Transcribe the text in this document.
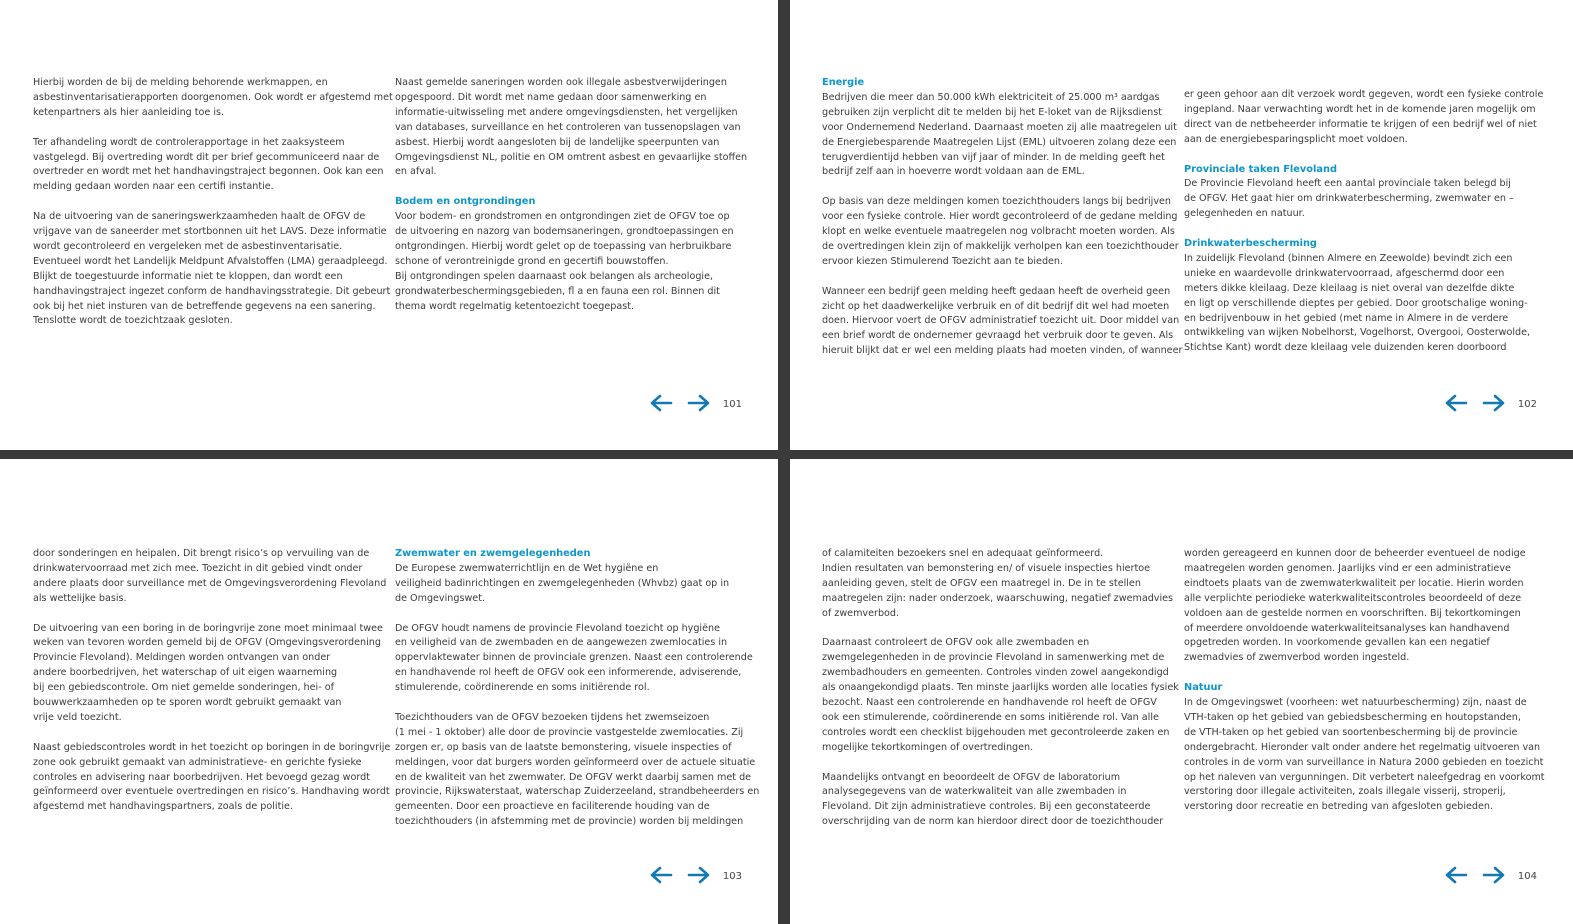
Hierbij worden de bij de melding behorende werkmappen, en
asbestinventarisatierapporten doorgenomen. Ook wordt er afgestemd met
ketenpartners als hier aanleiding toe is.

Ter afhandeling wordt de controlerapportage in het zaaksysteem
vastgelegd. Bij overtreding wordt dit per brief gecommuniceerd naar de
overtreder en wordt met het handhavingstraject begonnen. Ook kan een
melding gedaan worden naar een certifi instantie.

Na de uitvoering van de saneringswerkzaamheden haalt de OFGV de
vrijgave van de saneerder met stortbonnen uit het LAVS. Deze informatie
wordt gecontroleerd en vergeleken met de asbestinventarisatie.
Eventueel wordt het Landelijk Meldpunt Afvalstoffen (LMA) geraadpleegd.
Blijkt de toegestuurde informatie niet te kloppen, dan wordt een
handhavingstraject ingezet conform de handhavingsstrategie. Dit gebeurt
ook bij het niet insturen van de betreffende gegevens na een sanering.
Tenslotte wordt de toezichtzaak gesloten.

Naast gemelde saneringen worden ook illegale asbestverwijderingen
opgespoord. Dit wordt met name gedaan door samenwerking en
informatie-uitwisseling met andere omgevingsdiensten, het vergelijken
van databases, surveillance en het controleren van tussenopslagen van
asbest. Hierbij wordt aangesloten bij de landelijke speerpunten van
Omgevingsdienst NL, politie en OM omtrent asbest en gevaarlijke stoffen
en afval.

Bodem en ontgrondingen
Voor bodem- en grondstromen en ontgrondingen ziet de OFGV toe op
de uitvoering en nazorg van bodemsaneringen, grondtoepassingen en
ontgrondingen. Hierbij wordt gelet op de toepassing van herbruikbare
schone of verontreinigde grond en gecertifi bouwstoffen.
Bij ontgrondingen spelen daarnaast ook belangen als archeologie,
grondwaterbeschermingsgebieden, fl a en fauna een rol. Binnen dit
thema wordt regelmatig ketentoezicht toegepast.

101

Energie
Bedrijven die meer dan 50.000 kWh elektriciteit of 25.000 m³ aardgas
gebruiken zijn verplicht dit te melden bij het E-loket van de Rijksdienst
voor Ondernemend Nederland. Daarnaast moeten zij alle maatregelen uit
de Energiebesparende Maatregelen Lijst (EML) uitvoeren zolang deze een
terugverdientijd hebben van vijf jaar of minder. In de melding geeft het
bedrijf zelf aan in hoeverre wordt voldaan aan de EML.

Op basis van deze meldingen komen toezichthouders langs bij bedrijven
voor een fysieke controle. Hier wordt gecontroleerd of de gedane melding
klopt en welke eventuele maatregelen nog volbracht moeten worden. Als
de overtredingen klein zijn of makkelijk verholpen kan een toezichthouder
ervoor kiezen Stimulerend Toezicht aan te bieden.

Wanneer een bedrijf geen melding heeft gedaan heeft de overheid geen
zicht op het daadwerkelijke verbruik en of dit bedrijf dit wel had moeten
doen. Hiervoor voert de OFGV administratief toezicht uit. Door middel van
een brief wordt de ondernemer gevraagd het verbruik door te geven. Als
hieruit blijkt dat er wel een melding plaats had moeten vinden, of wanneer

er geen gehoor aan dit verzoek wordt gegeven, wordt een fysieke controle
ingepland. Naar verwachting wordt het in de komende jaren mogelijk om
direct van de netbeheerder informatie te krijgen of een bedrijf wel of niet
aan de energiebesparingsplicht moet voldoen.

Provinciale taken Flevoland
De Provincie Flevoland heeft een aantal provinciale taken belegd bij
de OFGV. Het gaat hier om drinkwaterbescherming, zwemwater en –
gelegenheden en natuur.

Drinkwaterbescherming
In zuidelijk Flevoland (binnen Almere en Zeewolde) bevindt zich een
unieke en waardevolle drinkwatervoorraad, afgeschermd door een
meters dikke kleilaag. Deze kleilaag is niet overal van dezelfde dikte
en ligt op verschillende dieptes per gebied. Door grootschalige woning-
en bedrijvenbouw in het gebied (met name in Almere in de verdere
ontwikkeling van wijken Nobelhorst, Vogelhorst, Overgooi, Oosterwolde,
Stichtse Kant) wordt deze kleilaag vele duizenden keren doorboord

102

door sonderingen en heipalen. Dit brengt risico’s op vervuiling van de
drinkwatervoorraad met zich mee. Toezicht in dit gebied vindt onder
andere plaats door surveillance met de Omgevingsverordening Flevoland
als wettelijke basis.

De uitvoering van een boring in de boringvrije zone moet minimaal twee
weken van tevoren worden gemeld bij de OFGV (Omgevingsverordening
Provincie Flevoland). Meldingen worden ontvangen van onder
andere boorbedrijven, het waterschap of uit eigen waarneming
bij een gebiedscontrole. Om niet gemelde sonderingen, hei- of
bouwwerkzaamheden op te sporen wordt gebruikt gemaakt van
vrije veld toezicht.

Naast gebiedscontroles wordt in het toezicht op boringen in de boringvrije
zone ook gebruikt gemaakt van administratieve- en gerichte fysieke
controles en advisering naar boorbedrijven. Het bevoegd gezag wordt
geïnformeerd over eventuele overtredingen en risico’s. Handhaving wordt
afgestemd met handhavingspartners, zoals de politie.

Zwemwater en zwemgelegenheden
De Europese zwemwaterrichtlijn en de Wet hygiëne en
veiligheid badinrichtingen en zwemgelegenheden (Whvbz) gaat op in
de Omgevingswet.

De OFGV houdt namens de provincie Flevoland toezicht op hygiëne
en veiligheid van de zwembaden en de aangewezen zwemlocaties in
oppervlaktewater binnen de provinciale grenzen. Naast een controlerende
en handhavende rol heeft de OFGV ook een informerende, adviserende,
stimulerende, coördinerende en soms initiërende rol.

Toezichthouders van de OFGV bezoeken tijdens het zwemseizoen
(1 mei - 1 oktober) alle door de provincie vastgestelde zwemlocaties. Zij
zorgen er, op basis van de laatste bemonstering, visuele inspecties of
meldingen, voor dat burgers worden geïnformeerd over de actuele situatie
en de kwaliteit van het zwemwater. De OFGV werkt daarbij samen met de
provincie, Rijkswaterstaat, waterschap Zuiderzeeland, strandbeheerders en
gemeenten. Door een proactieve en faciliterende houding van de
toezichthouders (in afstemming met de provincie) worden bij meldingen

103

of calamiteiten bezoekers snel en adequaat geïnformeerd.
Indien resultaten van bemonstering en/ of visuele inspecties hiertoe
aanleiding geven, stelt de OFGV een maatregel in. De in te stellen
maatregelen zijn: nader onderzoek, waarschuwing, negatief zwemadvies
of zwemverbod.

Daarnaast controleert de OFGV ook alle zwembaden en
zwemgelegenheden in de provincie Flevoland in samenwerking met de
zwembadhouders en gemeenten. Controles vinden zowel aangekondigd
als onaangekondigd plaats. Ten minste jaarlijks worden alle locaties fysiek
bezocht. Naast een controlerende en handhavende rol heeft de OFGV
ook een stimulerende, coördinerende en soms initiërende rol. Van alle
controles wordt een checklist bijgehouden met gecontroleerde zaken en
mogelijke tekortkomingen of overtredingen.

Maandelijks ontvangt en beoordeelt de OFGV de laboratorium
analysegegevens van de waterkwaliteit van alle zwembaden in
Flevoland. Dit zijn administratieve controles. Bij een geconstateerde
overschrijding van de norm kan hierdoor direct door de toezichthouder

worden gereageerd en kunnen door de beheerder eventueel de nodige
maatregelen worden genomen. Jaarlijks vind er een administratieve
eindtoets plaats van de zwemwaterkwaliteit per locatie. Hierin worden
alle verplichte periodieke waterkwaliteitscontroles beoordeeld of deze
voldoen aan de gestelde normen en voorschriften. Bij tekortkomingen
of meerdere onvoldoende waterkwaliteitsanalyses kan handhavend
opgetreden worden. In voorkomende gevallen kan een negatief
zwemadvies of zwemverbod worden ingesteld.

Natuur
In de Omgevingswet (voorheen: wet natuurbescherming) zijn, naast de
VTH-taken op het gebied van gebiedsbescherming en houtopstanden,
de VTH-taken op het gebied van soortenbescherming bij de provincie
ondergebracht. Hieronder valt onder andere het regelmatig uitvoeren van
controles in de vorm van surveillance in Natura 2000 gebieden en toezicht
op het naleven van vergunningen. Dit verbetert naleefgedrag en voorkomt
verstoring door illegale activiteiten, zoals illegale visserij, stroperij,
verstoring door recreatie en betreding van afgesloten gebieden.

104
